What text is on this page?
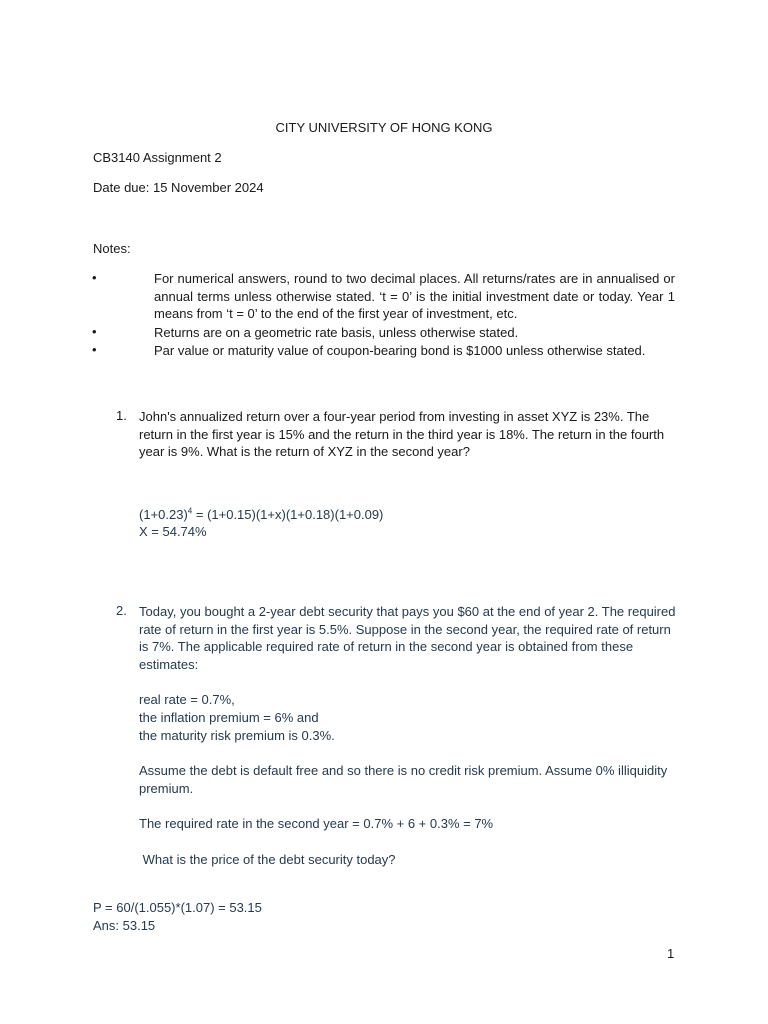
CITY UNIVERSITY OF HONG KONG

CB3140 Assignment 2

Date due: 15 November 2024

Notes:

•	For numerical answers, round to two decimal places. All returns/rates are in annualised or annual terms unless otherwise stated. ‘t = 0’ is the initial investment date or today. Year 1 means from ‘t = 0’ to the end of the first year of investment, etc.

•	Returns are on a geometric rate basis, unless otherwise stated.

•	Par value or maturity value of coupon-bearing bond is $1000 unless otherwise stated.

1. John's annualized return over a four-year period from investing in asset XYZ is 23%. The return in the first year is 15% and the return in the third year is 18%. The return in the fourth year is 9%. What is the return of XYZ in the second year?

$(1+0.23)^4 = (1+0.15)(1+x)(1+0.18)(1+0.09)$

X = 54.74%

2. Today, you bought a 2-year debt security that pays you $60 at the end of year 2. The required rate of return in the first year is 5.5%. Suppose in the second year, the required rate of return is 7%. The applicable required rate of return in the second year is obtained from these estimates:

real rate = 0.7%,

the inflation premium = 6% and

the maturity risk premium is 0.3%.

Assume the debt is default free and so there is no credit risk premium. Assume 0% illiquidity premium.

The required rate in the second year = 0.7% + 6 + 0.3% = 7%

What is the price of the debt security today?

P = 60/(1.055)*(1.07) = 53.15

Ans: 53.15

1
